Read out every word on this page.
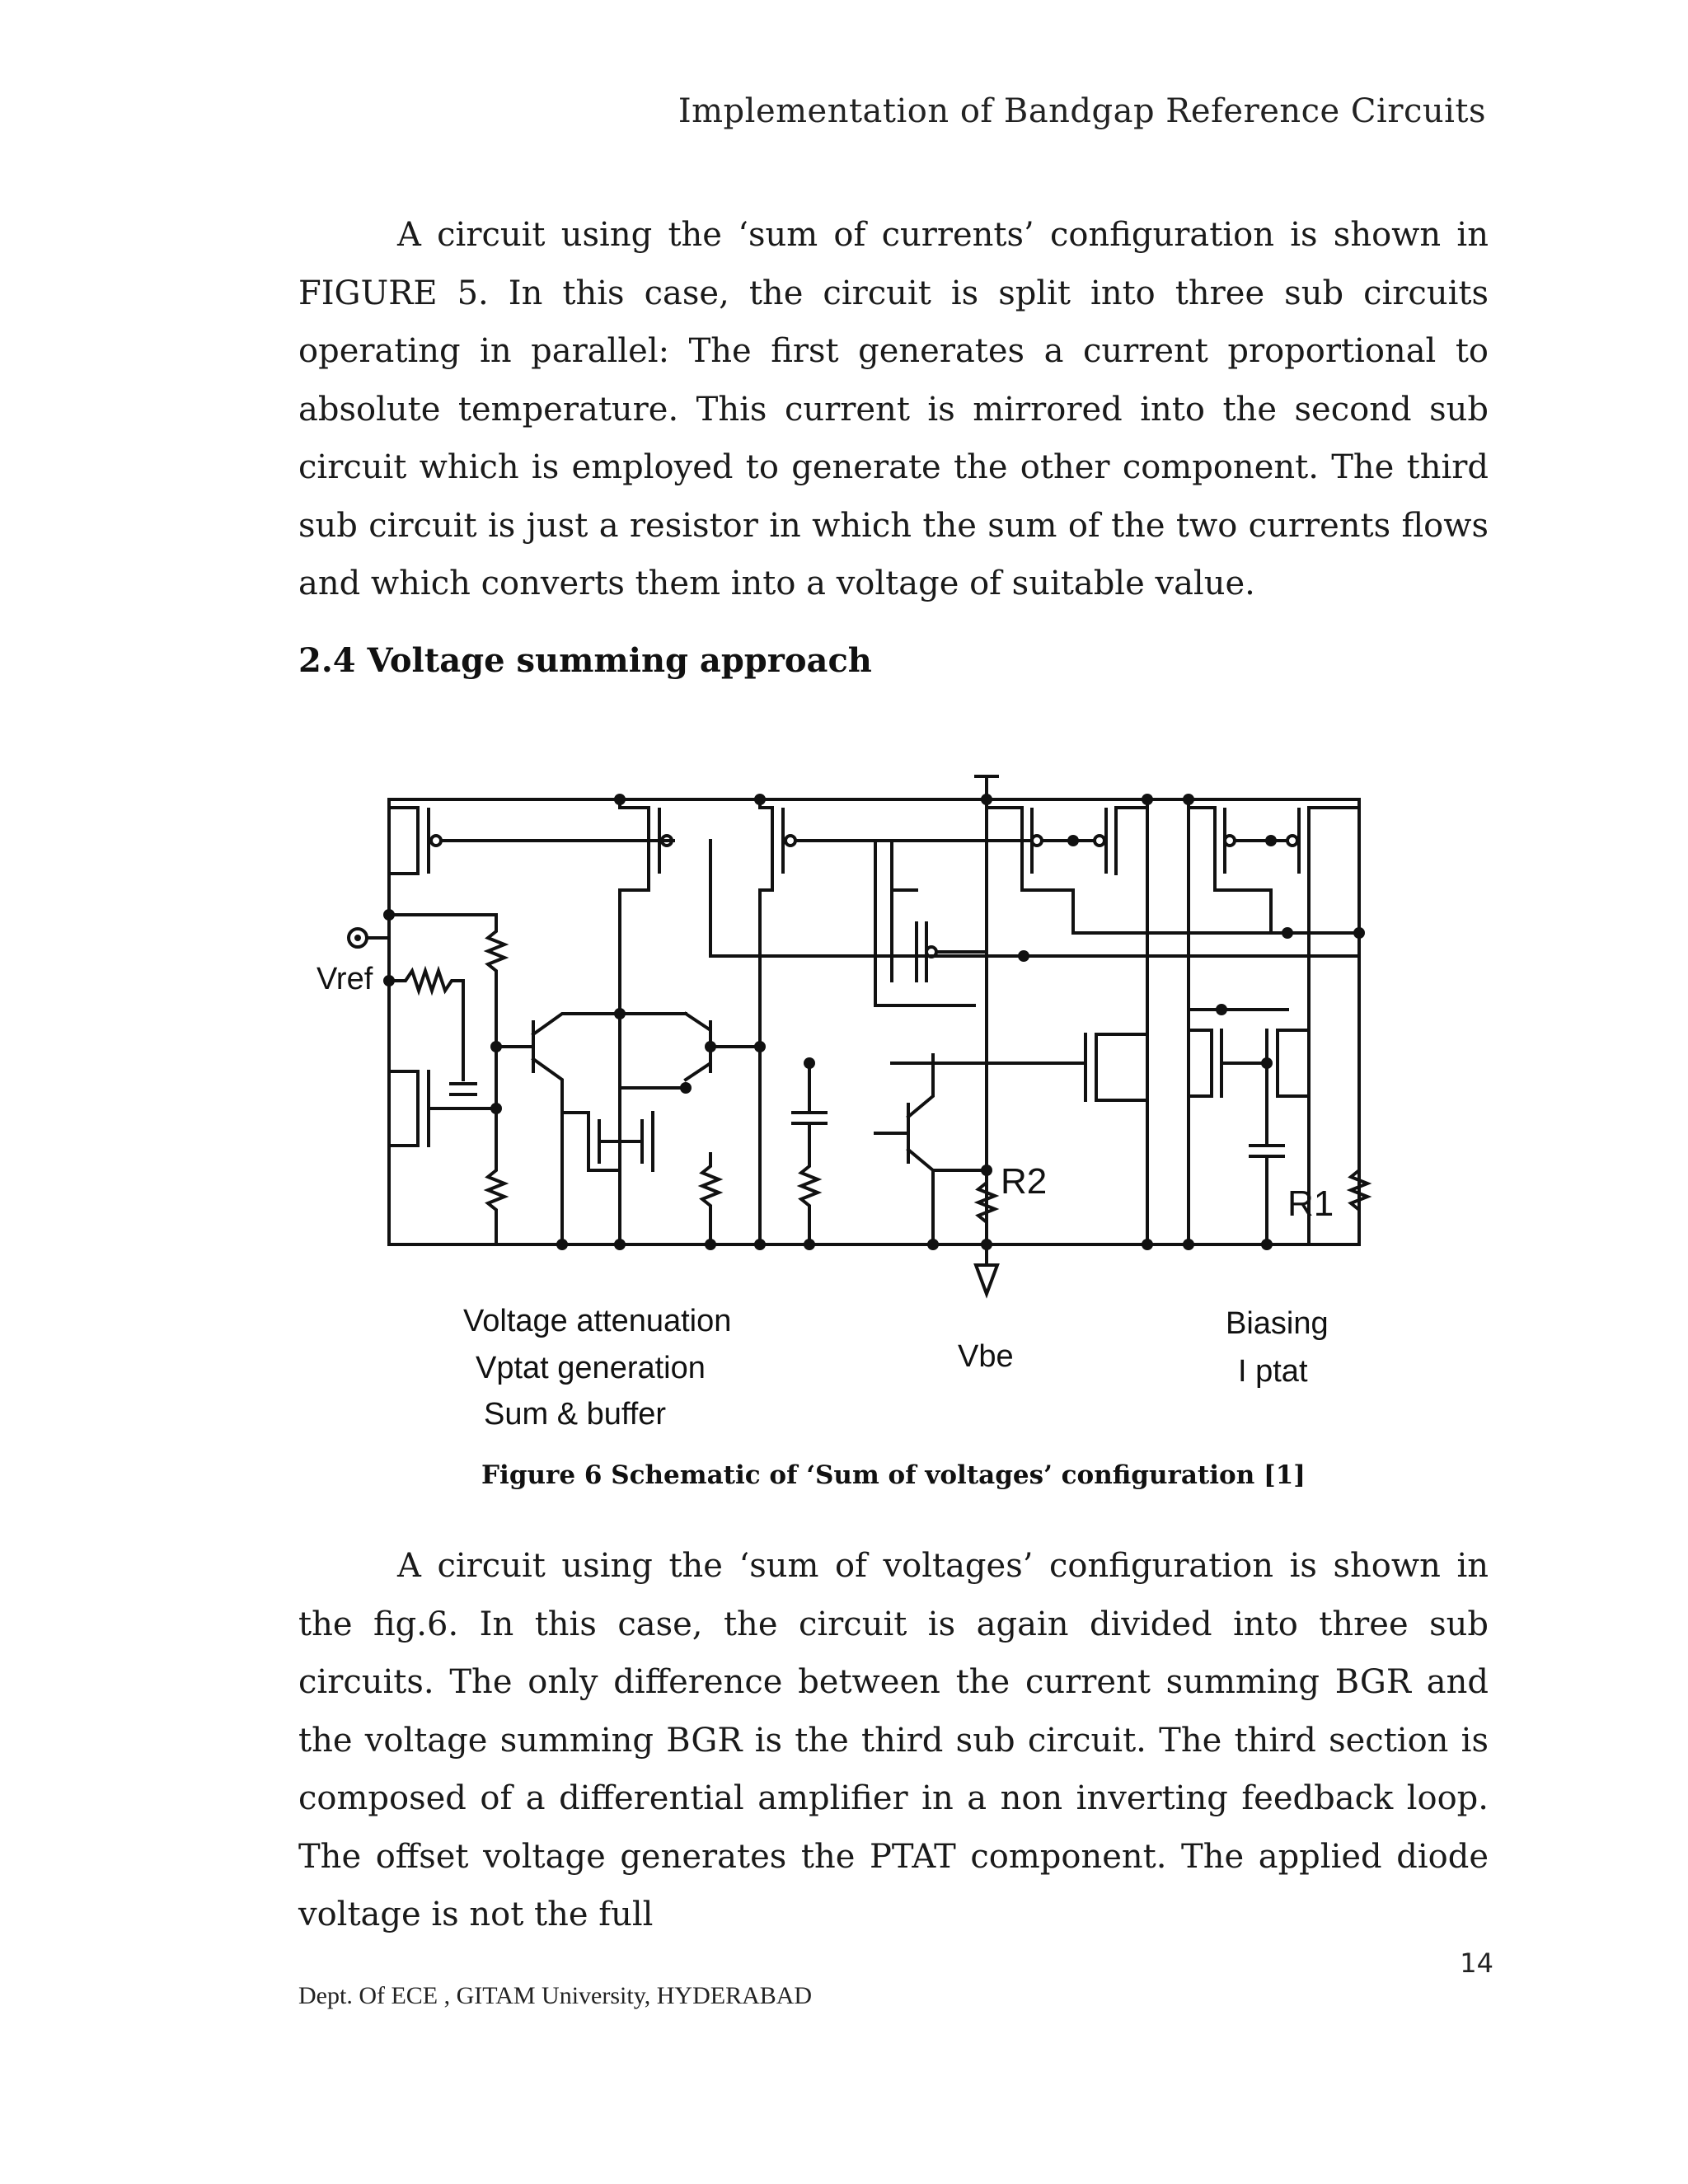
Implementation of Bandgap Reference Circuits

A circuit using the ‘sum of currents’ configuration is shown in FIGURE 5. In this case, the circuit is split into three sub circuits operating in parallel: The first generates a current proportional to absolute temperature. This current is mirrored into the second sub circuit which is employed to generate the other component. The third sub circuit is just a resistor in which the sum of the two currents flows and which converts them into a voltage of suitable value.

2.4 Voltage summing approach
Vref
R2
R1
Voltage attenuation
Vptat generation
Sum & buffer
Vbe
Biasing
I ptat
Figure 6 Schematic of ‘Sum of voltages’ configuration [1]

A circuit using the ‘sum of voltages’ configuration is shown in the fig.6. In this case, the circuit is again divided into three sub circuits. The only difference between the current summing BGR and the voltage summing BGR is the third sub circuit. The third section is composed of a differential amplifier in a non inverting feedback loop. The offset voltage generates the PTAT component. The applied diode voltage is not the full

14
Dept. Of ECE , GITAM University, HYDERABAD
